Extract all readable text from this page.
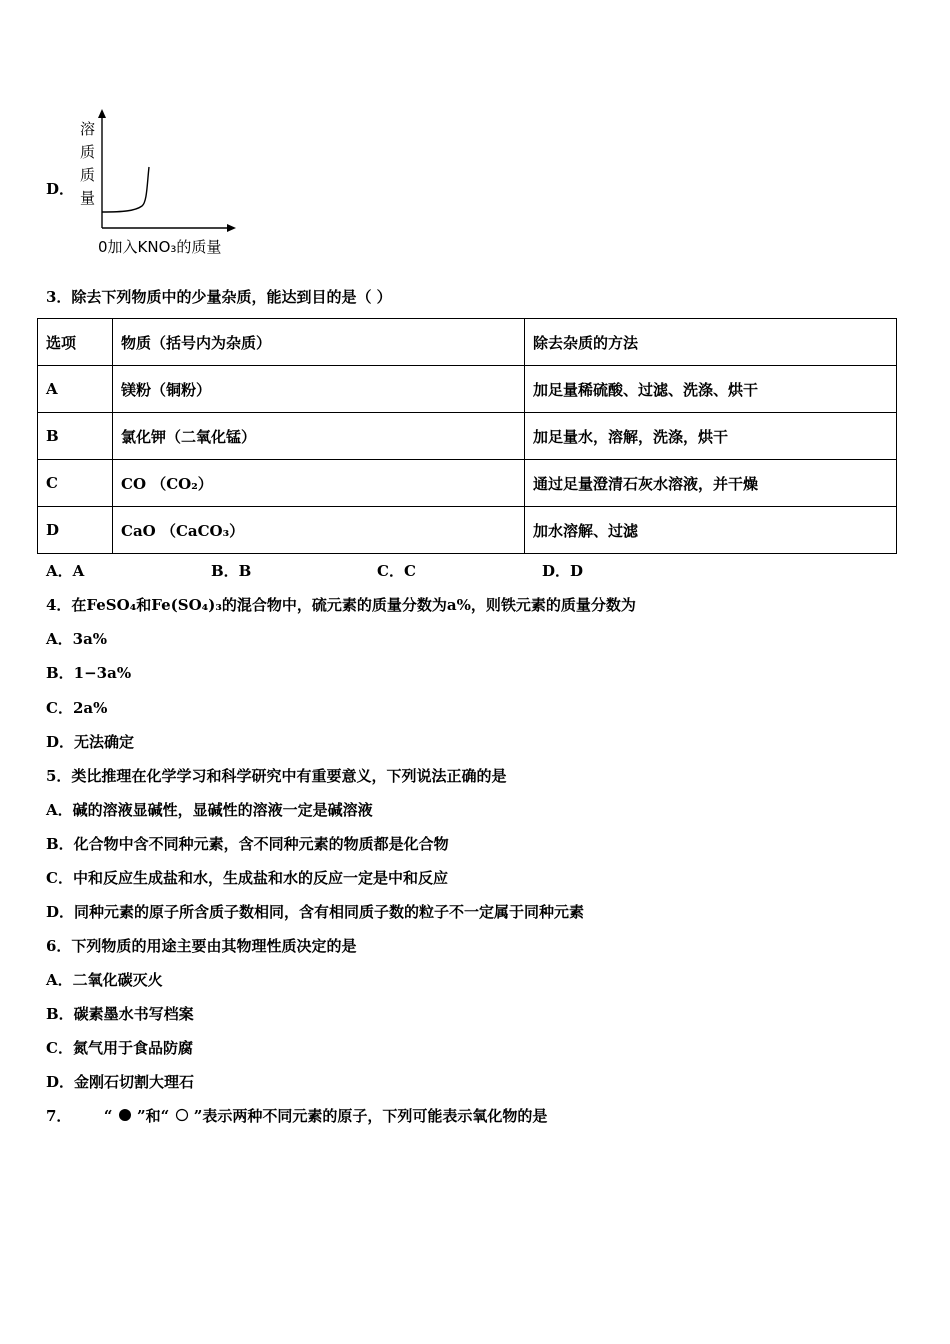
D．
溶
质
质
量
0加入KNO₃的质量
3．除去下列物质中的少量杂质，能达到目的是（ ）
选项	物质（括号内为杂质）	除去杂质的方法
A	镁粉（铜粉）	加足量稀硫酸、过滤、洗涤、烘干
B	氯化钾（二氧化锰）	加足量水，溶解，洗涤，烘干
C	CO （CO₂）	通过足量澄清石灰水溶液，并干燥
D	CaO （CaCO₃）	加水溶解、过滤
A．A	B．B	C．C	D．D
4．在FeSO₄和Fe(SO₄)₃的混合物中，硫元素的质量分数为a%，则铁元素的质量分数为
A．3a%
B．1−3a%
C．2a%
D．无法确定
5．类比推理在化学学习和科学研究中有重要意义，下列说法正确的是
A．碱的溶液显碱性，显碱性的溶液一定是碱溶液
B．化合物中含不同种元素，含不同种元素的物质都是化合物
C．中和反应生成盐和水，生成盐和水的反应一定是中和反应
D．同种元素的原子所含质子数相同，含有相同质子数的粒子不一定属于同种元素
6．下列物质的用途主要由其物理性质决定的是
A．二氧化碳灭火
B．碳素墨水书写档案
C．氮气用于食品防腐
D．金刚石切割大理石
7． “ ”和“ ”表示两种不同元素的原子，下列可能表示氧化物的是
